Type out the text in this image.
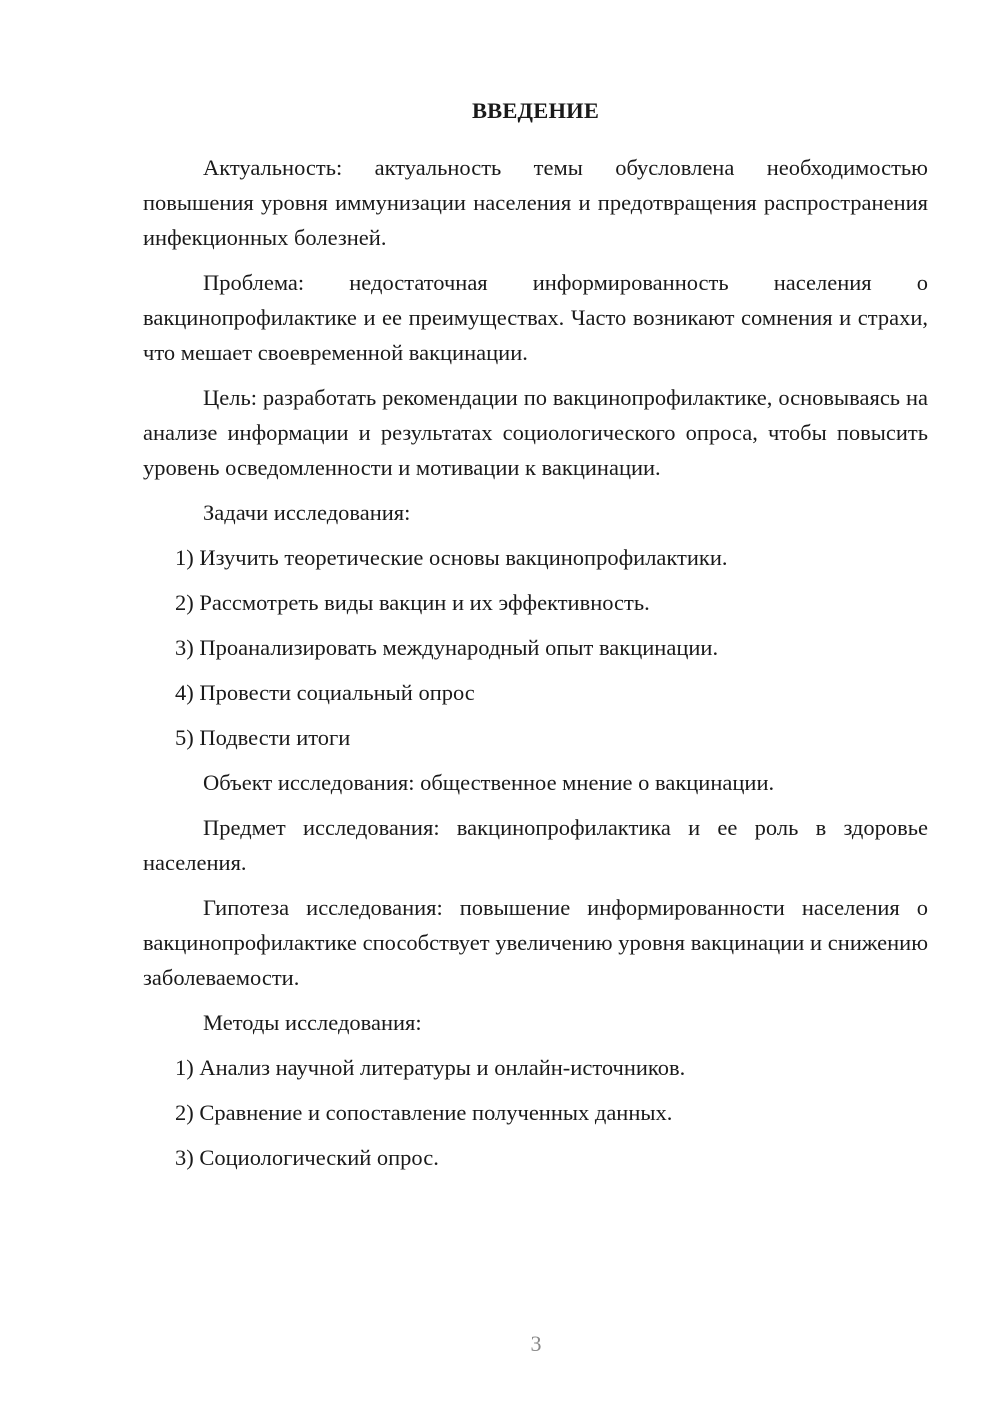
ВВЕДЕНИЕ

Актуальность: актуальность темы обусловлена необходимостью повышения уровня иммунизации населения и предотвращения распространения инфекционных болезней.

Проблема: недостаточная информированность населения о вакцинопрофилактике и ее преимуществах. Часто возникают сомнения и страхи, что мешает своевременной вакцинации.

Цель: разработать рекомендации по вакцинопрофилактике, основываясь на анализе информации и результатах социологического опроса, чтобы повысить уровень осведомленности и мотивации к вакцинации.

Задачи исследования:

1) Изучить теоретические основы вакцинопрофилактики.

2) Рассмотреть виды вакцин и их эффективность.

3) Проанализировать международный опыт вакцинации.

4) Провести социальный опрос

5) Подвести итоги

Объект исследования: общественное мнение о вакцинации.

Предмет исследования: вакцинопрофилактика и ее роль в здоровье населения.

Гипотеза исследования: повышение информированности населения о вакцинопрофилактике способствует увеличению уровня вакцинации и снижению заболеваемости.

Методы исследования:

1) Анализ научной литературы и онлайн-источников.

2) Сравнение и сопоставление полученных данных.

3) Социологический опрос.

3
